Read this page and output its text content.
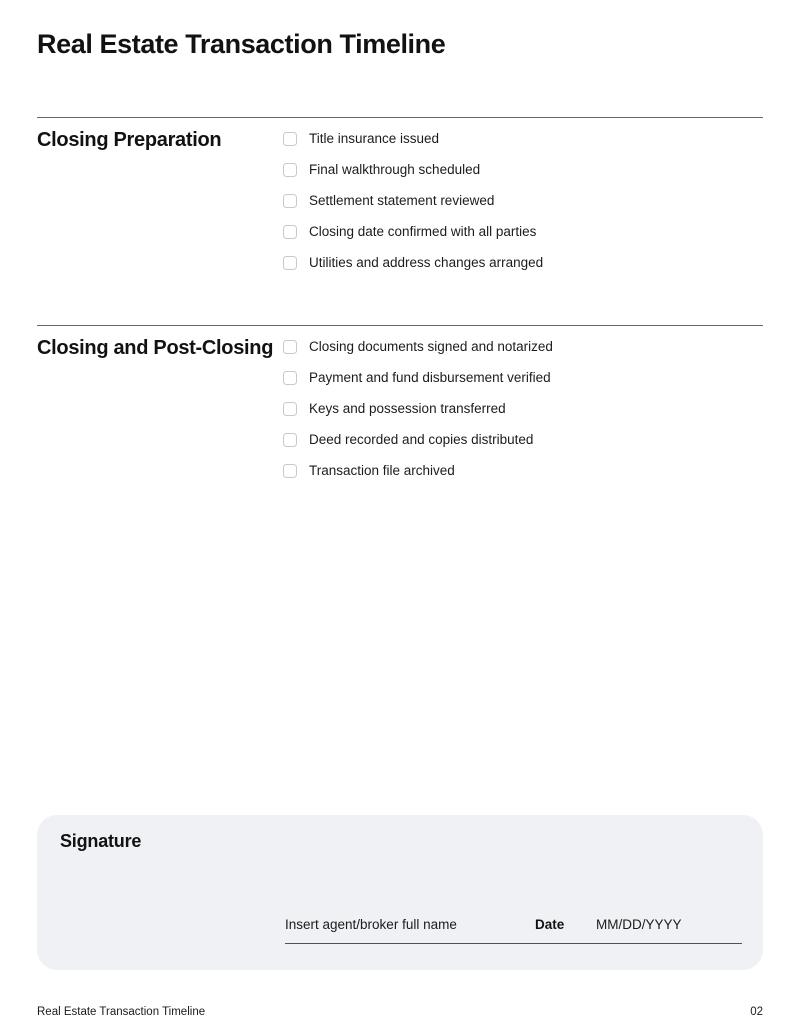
Real Estate Transaction Timeline
Closing Preparation	Title insurance issued
Final walkthrough scheduled
Settlement statement reviewed
Closing date confirmed with all parties
Utilities and address changes arranged
Closing and Post-Closing	Closing documents signed and notarized
Payment and fund disbursement verified
Keys and possession transferred
Deed recorded and copies distributed
Transaction file archived
Signature
Insert agent/broker full name	Date MM/DD/YYYY
Real Estate Transaction Timeline	02
